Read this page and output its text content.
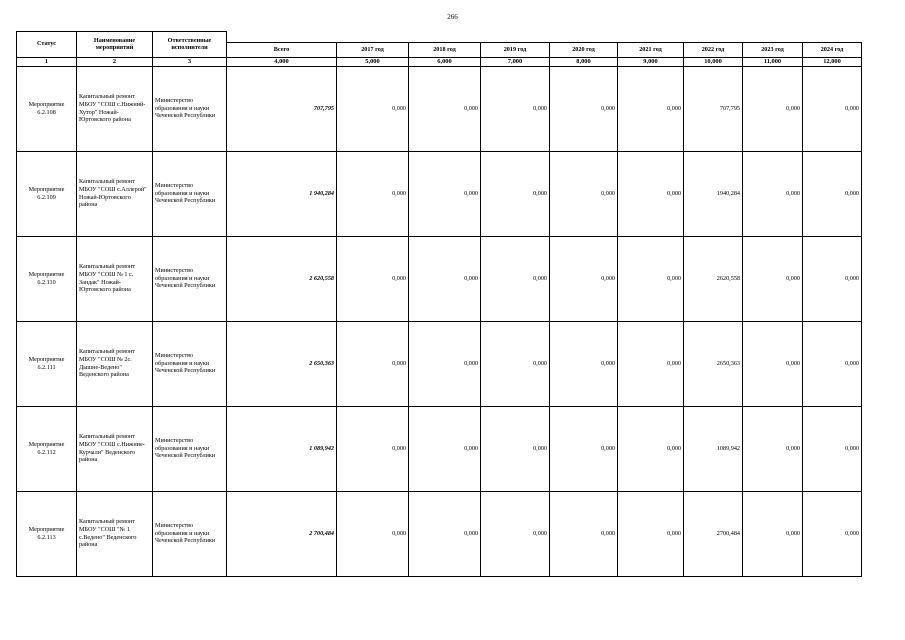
266
Статус	Наименование мероприятий	Ответственные исполнители									
			Всего	2017 год	2018 год	2019 год	2020 год	2021 год	2022 год	2023 год	2024 год
1	2	3	4,000	5,000	6,000	7,000	8,000	9,000	10,000	11,000	12,000
Мероприятие 6.2.108	Капитальный ремонт МБОУ "СОШ с.Нижний-Хутор" Ножай-Юртовского района	Министерство образования и науки Чеченской Республики	707,795	0,000	0,000	0,000	0,000	0,000	707,795	0,000	0,000
Мероприятие 6.2.109	Капитальный ремонт МБОУ "СОШ с.Аллерой" Ножай-Юртовского района	Министерство образования и науки Чеченской Республики	1 940,284	0,000	0,000	0,000	0,000	0,000	1940,284	0,000	0,000
Мероприятие 6.2.110	Капитальный ремонт МБОУ "СОШ № 1 с. Зандак" Ножай-Юртовского района	Министерство образования и науки Чеченской Республики	2 620,558	0,000	0,000	0,000	0,000	0,000	2620,558	0,000	0,000
Мероприятие 6.2.111	Капитальный ремонт МБОУ "СОШ № 2с. Дышне-Ведено" Веденского района	Министерство образования и науки Чеченской Республики	2 650,363	0,000	0,000	0,000	0,000	0,000	2650,363	0,000	0,000
Мероприятие 6.2.112	Капитальный ремонт МБОУ "СОШ с.Нижние-Курчали" Веденского района	Министерство образования и науки Чеченской Республики	1 089,942	0,000	0,000	0,000	0,000	0,000	1089,942	0,000	0,000
Мероприятие 6.2.113	Капитальный ремонт МБОУ "СОШ "№ 1 с.Ведено" Веденского района	Министерство образования и науки Чеченской Республики	2 700,484	0,000	0,000	0,000	0,000	0,000	2700,484	0,000	0,000
